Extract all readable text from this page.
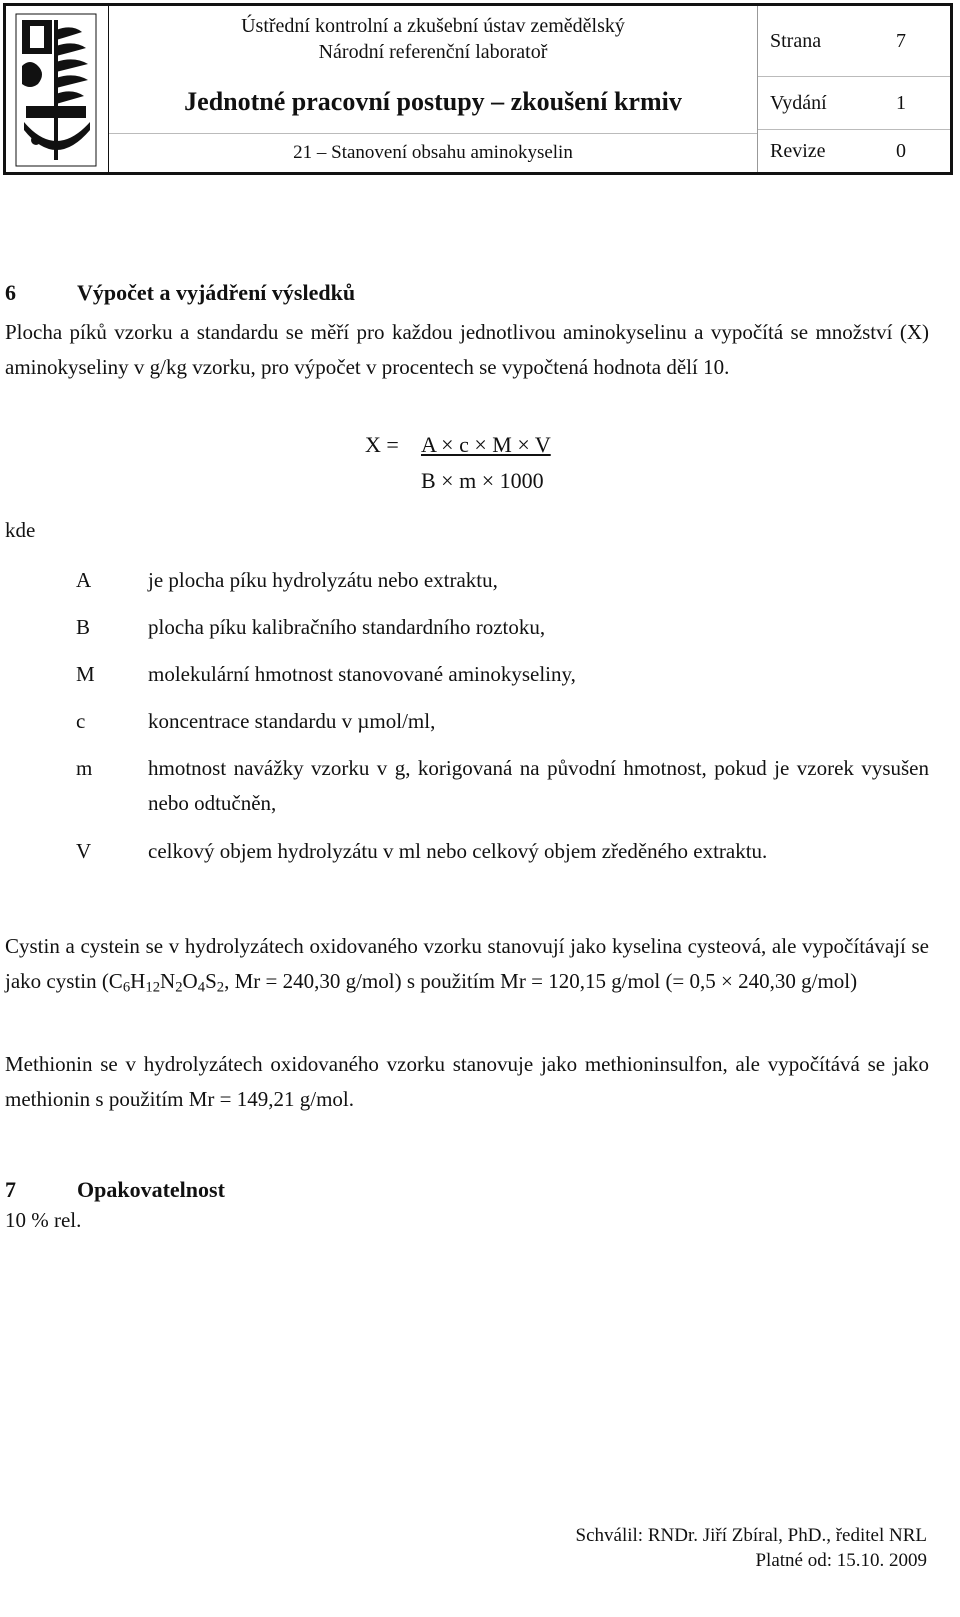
Ústřední kontrolní a zkušební ústav zemědělský
Národní referenční laboratoř
Jednotné pracovní postupy – zkoušení krmiv
21 – Stanovení obsahu aminokyselin
Strana	7
Vydání	1
Revize	0
6	Výpočet a vyjádření výsledků
Plocha píků vzorku a standardu se měří pro každou jednotlivou aminokyselinu a vypočítá se množství (X) aminokyseliny v g/kg vzorku, pro výpočet v procentech se vypočtená hodnota dělí 10.
X =	A × c × M × V
B × m × 1000
kde
A	je plocha píku hydrolyzátu nebo extraktu,
B	plocha píku kalibračního standardního roztoku,
M	molekulární hmotnost stanovované aminokyseliny,
c	koncentrace standardu v µmol/ml,
m	hmotnost navážky vzorku v g, korigovaná na původní hmotnost, pokud je vzorek vysušen nebo odtučněn,
V	celkový objem hydrolyzátu v ml nebo celkový objem zředěného extraktu.
Cystin a cystein se v hydrolyzátech oxidovaného vzorku stanovují jako kyselina cysteová, ale vypočítávají se jako cystin ($C_6H_{12}N_2O_4S_2$, Mr = 240,30 g/mol) s použitím Mr = 120,15 g/mol (= 0,5 × 240,30 g/mol)
Methionin se v hydrolyzátech oxidovaného vzorku stanovuje jako methioninsulfon, ale vypočítává se jako methionin s použitím Mr = 149,21 g/mol.
7	Opakovatelnost
10 % rel.
Schválil: RNDr. Jiří Zbíral, PhD., ředitel NRL
Platné od: 15.10. 2009
